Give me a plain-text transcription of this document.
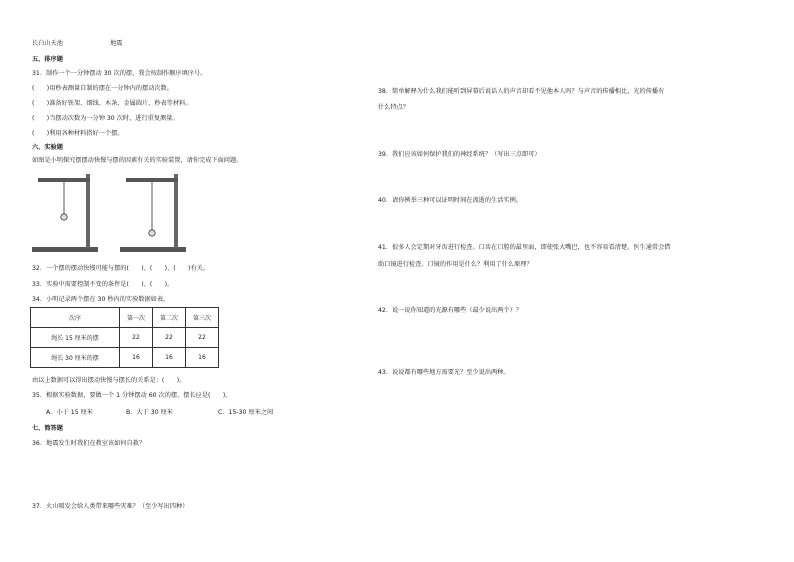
长白山天池	地震
五、排序题
31．制作一个一分钟摆动 30 次的摆，我会按制作顺序填序号。
(　　)用秒表测量自制的摆在一分钟内的摆动次数。
(　　)准备好铁架、细线、木条、金属圆片、秒表等材料。
(　　)当摆动次数为一分钟 30 次时，进行重复测量。
(　　)利用各种材料搭好一个摆。
六、实验题
如图是小明探究摆摆动快慢与摆的因素有关的实验装置，请你完成下面问题。
32．一个摆的摆动快慢可能与摆的(　　)、(　　)、(　　)有关。
33．实验中需要控制不变的条件是(　　)、(　　)。
34．小明记录两个摆在 30 秒内的实验数据如表。
次序	第一次	第二次	第三次
绳长 15 厘米的摆	22	22	22
绳长 30 厘米的摆	16	16	16
由以上数据可以得出摆动快慢与摆长的关系是：(　　)。
35．根据实验数据，要做一个 1 分钟摆动 60 次的摆，摆长应是(　　)。
A．小于 15 厘米	B．大于 30 厘米	C．15-30 厘米之间
七、简答题
36．地震发生时我们在教室该如何自救？
37．火山喷发会给人类带来哪些灾难？（至少写出四种）
38．简单解释为什么我们能听到屏幕后说话人的声音却看不见他本人吗？与声音的传播相比，光的传播有
什么特点？
39．我们应该如何保护我们的神经系统？（写出三点即可）
40．请你例举三种可以证明时间在流逝的生活实例。
41．很多人会定期对牙齿进行检查。口齿在口腔的最里面，即使张大嘴巴，也不容易看清楚。医生通常会借
助口镜进行检查。口镜的作用是什么？利用了什么原理？
42．说一说你知道的光源有哪些（最少说出两个）？
43．说说都有哪些地方需要光？至少说出两种。
